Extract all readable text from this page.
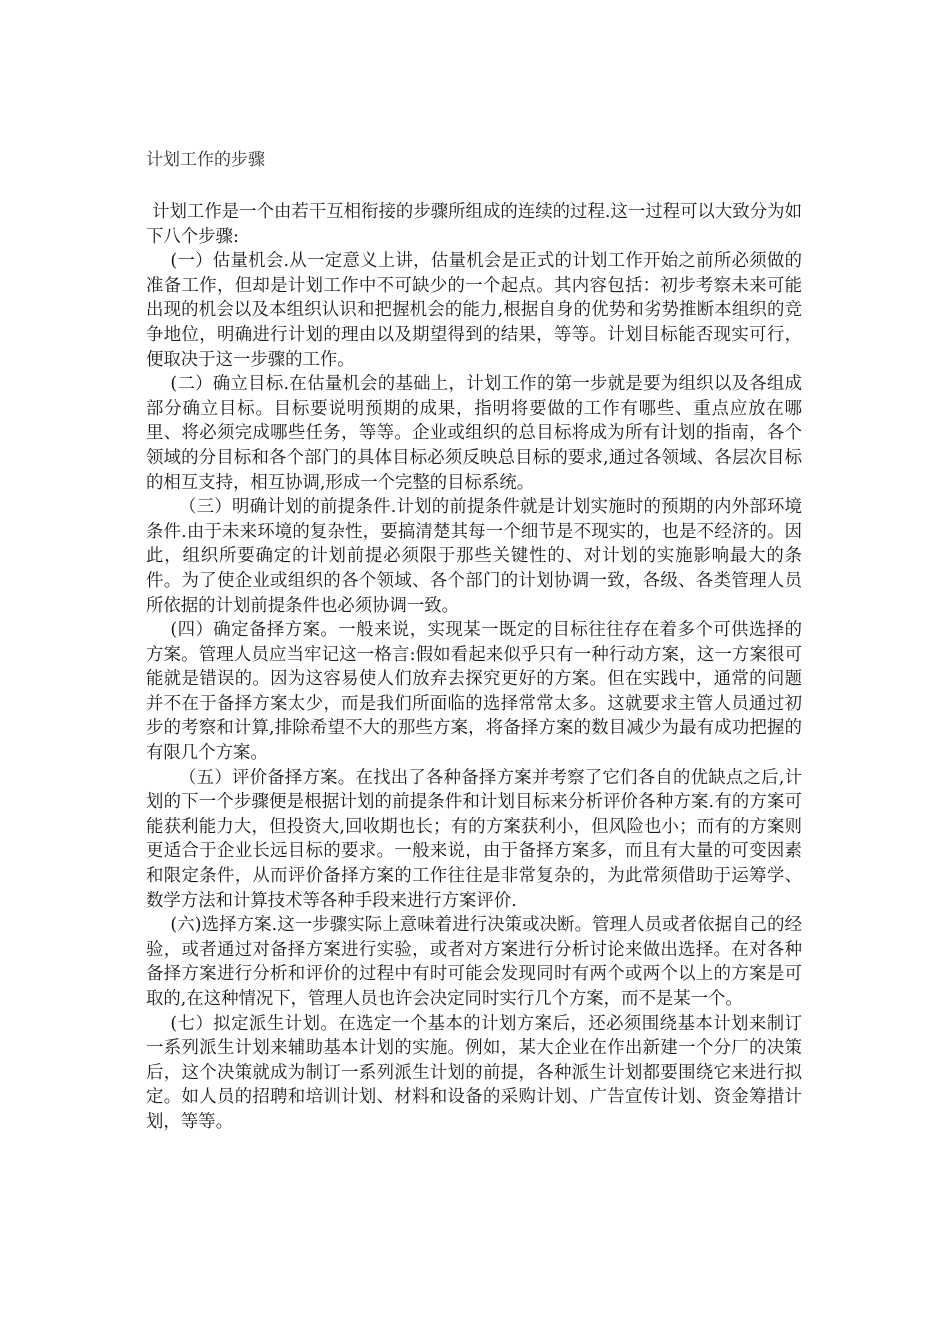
计划工作的步骤

计划工作是一个由若干互相衔接的步骤所组成的连续的过程.这一过程可以大致分为如下八个步骤:

(一）估量机会.从一定意义上讲，估量机会是正式的计划工作开始之前所必须做的准备工作，但却是计划工作中不可缺少的一个起点。其内容包括：初步考察未来可能出现的机会以及本组织认识和把握机会的能力,根据自身的优势和劣势推断本组织的竞争地位，明确进行计划的理由以及期望得到的结果，等等。计划目标能否现实可行，便取决于这一步骤的工作。

(二）确立目标.在估量机会的基础上，计划工作的第一步就是要为组织以及各组成部分确立目标。目标要说明预期的成果，指明将要做的工作有哪些、重点应放在哪里、将必须完成哪些任务，等等。企业或组织的总目标将成为所有计划的指南，各个领域的分目标和各个部门的具体目标必须反映总目标的要求,通过各领域、各层次目标的相互支持，相互协调,形成一个完整的目标系统。

（三）明确计划的前提条件.计划的前提条件就是计划实施时的预期的内外部环境条件.由于未来环境的复杂性，要搞清楚其每一个细节是不现实的，也是不经济的。因此，组织所要确定的计划前提必须限于那些关键性的、对计划的实施影响最大的条件。为了使企业或组织的各个领域、各个部门的计划协调一致，各级、各类管理人员所依据的计划前提条件也必须协调一致。

(四）确定备择方案。一般来说，实现某一既定的目标往往存在着多个可供选择的方案。管理人员应当牢记这一格言:假如看起来似乎只有一种行动方案，这一方案很可能就是错误的。因为这容易使人们放弃去探究更好的方案。但在实践中，通常的问题并不在于备择方案太少，而是我们所面临的选择常常太多。这就要求主管人员通过初步的考察和计算,排除希望不大的那些方案，将备择方案的数目减少为最有成功把握的有限几个方案。

（五）评价备择方案。在找出了各种备择方案并考察了它们各自的优缺点之后,计划的下一个步骤便是根据计划的前提条件和计划目标来分析评价各种方案.有的方案可能获利能力大，但投资大,回收期也长；有的方案获利小，但风险也小；而有的方案则更适合于企业长远目标的要求。一般来说，由于备择方案多，而且有大量的可变因素和限定条件，从而评价备择方案的工作往往是非常复杂的，为此常须借助于运筹学、数学方法和计算技术等各种手段来进行方案评价.

(六)选择方案.这一步骤实际上意味着进行决策或决断。管理人员或者依据自己的经验，或者通过对备择方案进行实验，或者对方案进行分析讨论来做出选择。在对各种备择方案进行分析和评价的过程中有时可能会发现同时有两个或两个以上的方案是可取的,在这种情况下，管理人员也许会决定同时实行几个方案，而不是某一个。

(七）拟定派生计划。在选定一个基本的计划方案后，还必须围绕基本计划来制订一系列派生计划来辅助基本计划的实施。例如，某大企业在作出新建一个分厂的决策后，这个决策就成为制订一系列派生计划的前提，各种派生计划都要围绕它来进行拟定。如人员的招聘和培训计划、材料和设备的采购计划、广告宣传计划、资金筹措计划，等等。
